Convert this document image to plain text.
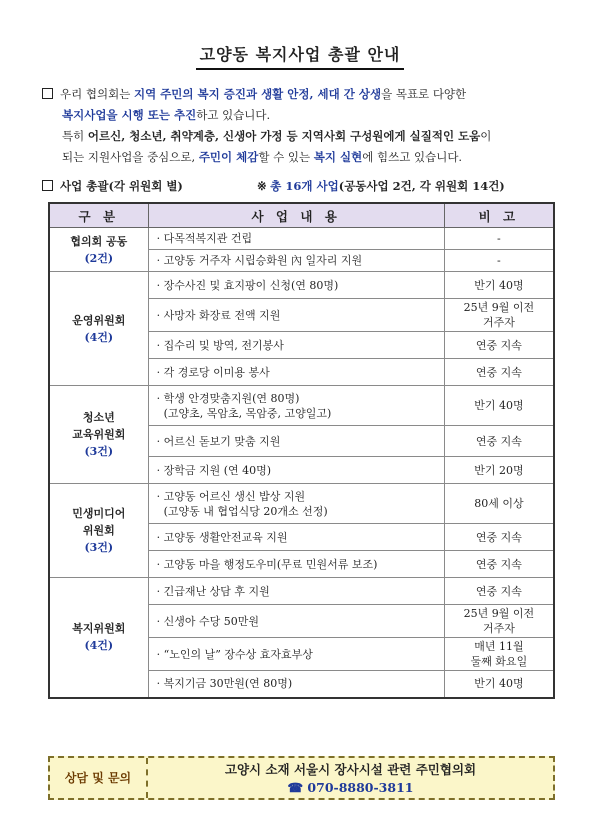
고양동 복지사업 총괄 안내
우리 협의회는 지역 주민의 복지 증진과 생활 안정, 세대 간 상생을 목표로 다양한
복지사업을 시행 또는 추진하고 있습니다.
특히 어르신, 청소년, 취약계층, 신생아 가정 등 지역사회 구성원에게 실질적인 도움이
되는 지원사업을 중심으로, 주민이 체감할 수 있는 복지 실현에 힘쓰고 있습니다.
사업 총괄(각 위원회 별)	※ 총 16개 사업(공동사업 2건, 각 위원회 14건)
구 분	사 업 내 용	비 고

협의회 공동
(2건)	· 다목적복지관 건립	-
	· 고양동 거주자 시립승화원 內 일자리 지원	-

운영위원회
(4건)	· 장수사진 및 효지팡이 신청(연 80명)	반기 40명
	· 사망자 화장료 전액 지원	25년 9월 이전
거주자
	· 집수리 및 방역, 전기봉사	연중 지속
	· 각 경로당 이미용 봉사	연중 지속

청소년
교육위원회
(3건)	· 학생 안경맞춤지원(연 80명)
(고양초, 목암초, 목암중, 고양일고)	반기 40명
	· 어르신 돋보기 맞춤 지원	연중 지속
	· 장학금 지원 (연 40명)	반기 20명

민생미디어
위원회
(3건)	· 고양동 어르신 생신 밥상 지원
(고양동 내 협업식당 20개소 선정)	80세 이상
	· 고양동 생활안전교육 지원	연중 지속
	· 고양동 마을 행정도우미(무료 민원서류 보조)	연중 지속

복지위원회
(4건)	· 긴급재난 상담 후 지원	연중 지속
	· 신생아 수당 50만원	25년 9월 이전
거주자
	· “노인의 날” 장수상 효자효부상	매년 11월
둘째 화요일
	· 복지기금 30만원(연 80명)	반기 40명
상담 및 문의
고양시 소재 서울시 장사시설 관련 주민협의회
☎ 070-8880-3811
